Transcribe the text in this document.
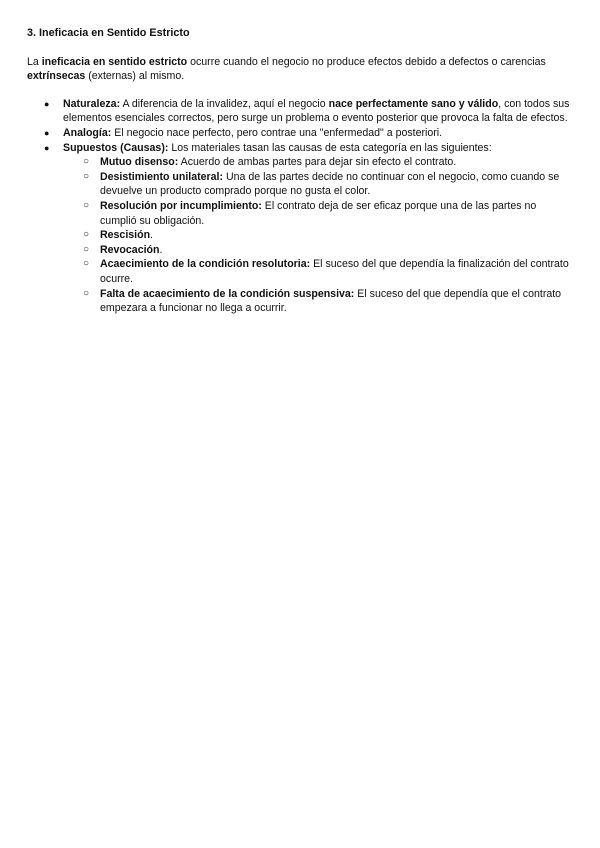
3. Ineficacia en Sentido Estricto

La ineficacia en sentido estricto ocurre cuando el negocio no produce efectos debido a defectos o carencias extrínsecas (externas) al mismo.

● Naturaleza: A diferencia de la invalidez, aquí el negocio nace perfectamente sano y válido, con todos sus elementos esenciales correctos, pero surge un problema o evento posterior que provoca la falta de efectos.
● Analogía: El negocio nace perfecto, pero contrae una "enfermedad" a posteriori.
● Supuestos (Causas): Los materiales tasan las causas de esta categoría en las siguientes:
○ Mutuo disenso: Acuerdo de ambas partes para dejar sin efecto el contrato.
○ Desistimiento unilateral: Una de las partes decide no continuar con el negocio, como cuando se devuelve un producto comprado porque no gusta el color.
○ Resolución por incumplimiento: El contrato deja de ser eficaz porque una de las partes no cumplió su obligación.
○ Rescisión.
○ Revocación.
○ Acaecimiento de la condición resolutoria: El suceso del que dependía la finalización del contrato ocurre.
○ Falta de acaecimiento de la condición suspensiva: El suceso del que dependía que el contrato empezara a funcionar no llega a ocurrir.
